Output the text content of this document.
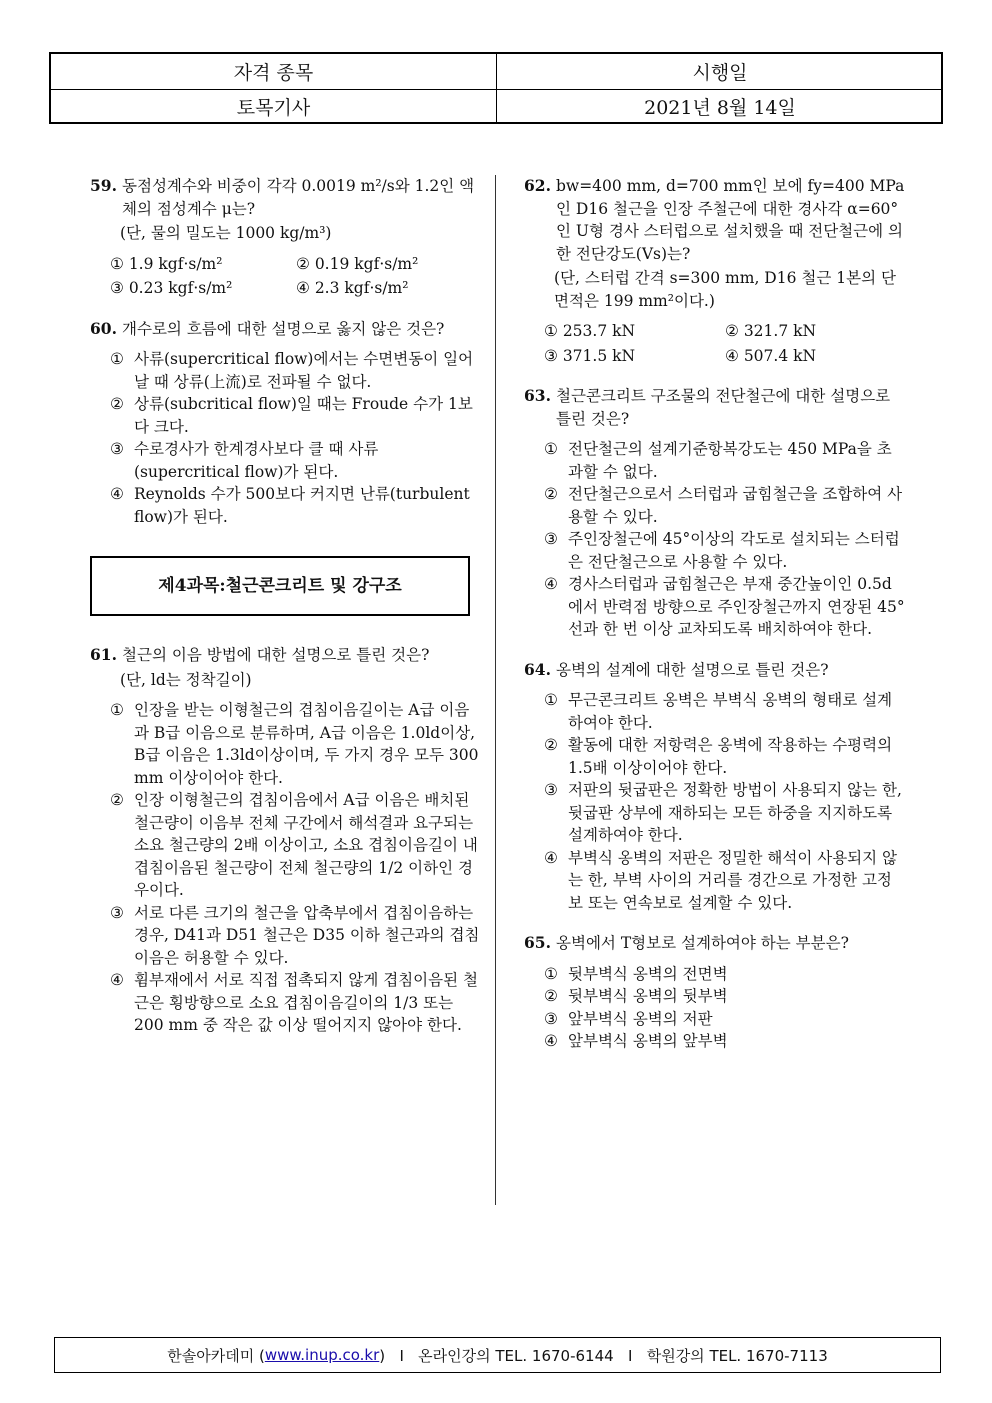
자격 종목	시행일
토목기사	2021년 8월 14일
59. 동점성계수와 비중이 각각 0.0019 m²/s와 1.2인 액체의 점성계수 μ는?
(단, 물의 밀도는 1000 kg/m³)
① 1.9 kgf·s/m²	② 0.19 kgf·s/m²
③ 0.23 kgf·s/m²	④ 2.3 kgf·s/m²
60. 개수로의 흐름에 대한 설명으로 옳지 않은 것은?
① 사류(supercritical flow)에서는 수면변동이 일어날 때 상류(上流)로 전파될 수 없다.
② 상류(subcritical flow)일 때는 Froude 수가 1보다 크다.
③ 수로경사가 한계경사보다 클 때 사류(supercritical flow)가 된다.
④ Reynolds 수가 500보다 커지면 난류(turbulent flow)가 된다.
제4과목:철근콘크리트 및 강구조
61. 철근의 이음 방법에 대한 설명으로 틀린 것은?
(단, ld는 정착길이)
① 인장을 받는 이형철근의 겹침이음길이는 A급 이음과 B급 이음으로 분류하며, A급 이음은 1.0ld이상, B급 이음은 1.3ld이상이며, 두 가지 경우 모두 300 mm 이상이어야 한다.
② 인장 이형철근의 겹침이음에서 A급 이음은 배치된 철근량이 이음부 전체 구간에서 해석결과 요구되는 소요 철근량의 2배 이상이고, 소요 겹침이음길이 내 겹침이음된 철근량이 전체 철근량의 1/2 이하인 경우이다.
③ 서로 다른 크기의 철근을 압축부에서 겹침이음하는 경우, D41과 D51 철근은 D35 이하 철근과의 겹침이음은 허용할 수 있다.
④ 휨부재에서 서로 직접 접촉되지 않게 겹침이음된 철근은 횡방향으로 소요 겹침이음길이의 1/3 또는 200 mm 중 작은 값 이상 떨어지지 않아야 한다.
62. bw=400 mm, d=700 mm인 보에 fy=400 MPa인 D16 철근을 인장 주철근에 대한 경사각 α=60°인 U형 경사 스터럽으로 설치했을 때 전단철근에 의한 전단강도(Vs)는?
(단, 스터럽 간격 s=300 mm, D16 철근 1본의 단면적은 199 mm²이다.)
① 253.7 kN	② 321.7 kN
③ 371.5 kN	④ 507.4 kN
63. 철근콘크리트 구조물의 전단철근에 대한 설명으로 틀린 것은?
① 전단철근의 설계기준항복강도는 450 MPa을 초과할 수 없다.
② 전단철근으로서 스터럽과 굽힘철근을 조합하여 사용할 수 있다.
③ 주인장철근에 45°이상의 각도로 설치되는 스터럽은 전단철근으로 사용할 수 있다.
④ 경사스터럽과 굽힘철근은 부재 중간높이인 0.5d에서 반력점 방향으로 주인장철근까지 연장된 45°선과 한 번 이상 교차되도록 배치하여야 한다.
64. 옹벽의 설계에 대한 설명으로 틀린 것은?
① 무근콘크리트 옹벽은 부벽식 옹벽의 형태로 설계하여야 한다.
② 활동에 대한 저항력은 옹벽에 작용하는 수평력의 1.5배 이상이어야 한다.
③ 저판의 뒷굽판은 정확한 방법이 사용되지 않는 한, 뒷굽판 상부에 재하되는 모든 하중을 지지하도록 설계하여야 한다.
④ 부벽식 옹벽의 저판은 정밀한 해석이 사용되지 않는 한, 부벽 사이의 거리를 경간으로 가정한 고정보 또는 연속보로 설계할 수 있다.
65. 옹벽에서 T형보로 설계하여야 하는 부분은?
① 뒷부벽식 옹벽의 전면벽
② 뒷부벽식 옹벽의 뒷부벽
③ 앞부벽식 옹벽의 저판
④ 앞부벽식 옹벽의 앞부벽
한솔아카데미 ( www.inup.co.kr )   I   온라인강의 TEL. 1670-6144   I   학원강의 TEL. 1670-7113
